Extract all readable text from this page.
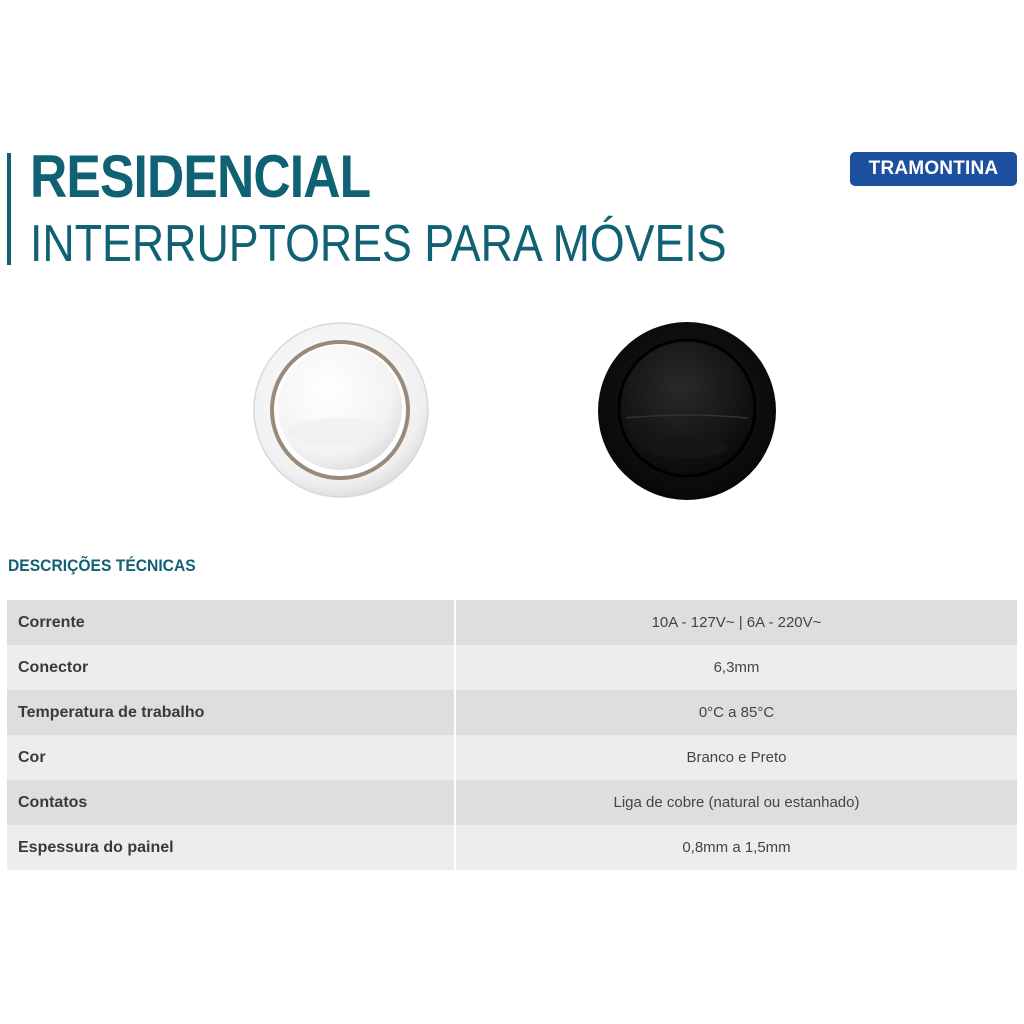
RESIDENCIAL
INTERRUPTORES PARA MÓVEIS
TRAMONTINA
DESCRIÇÕES TÉCNICAS
Corrente	10A - 127V~ | 6A - 220V~
Conector	6,3mm
Temperatura de trabalho	0°C a 85°C
Cor	Branco e Preto
Contatos	Liga de cobre (natural ou estanhado)
Espessura do painel	0,8mm a 1,5mm
